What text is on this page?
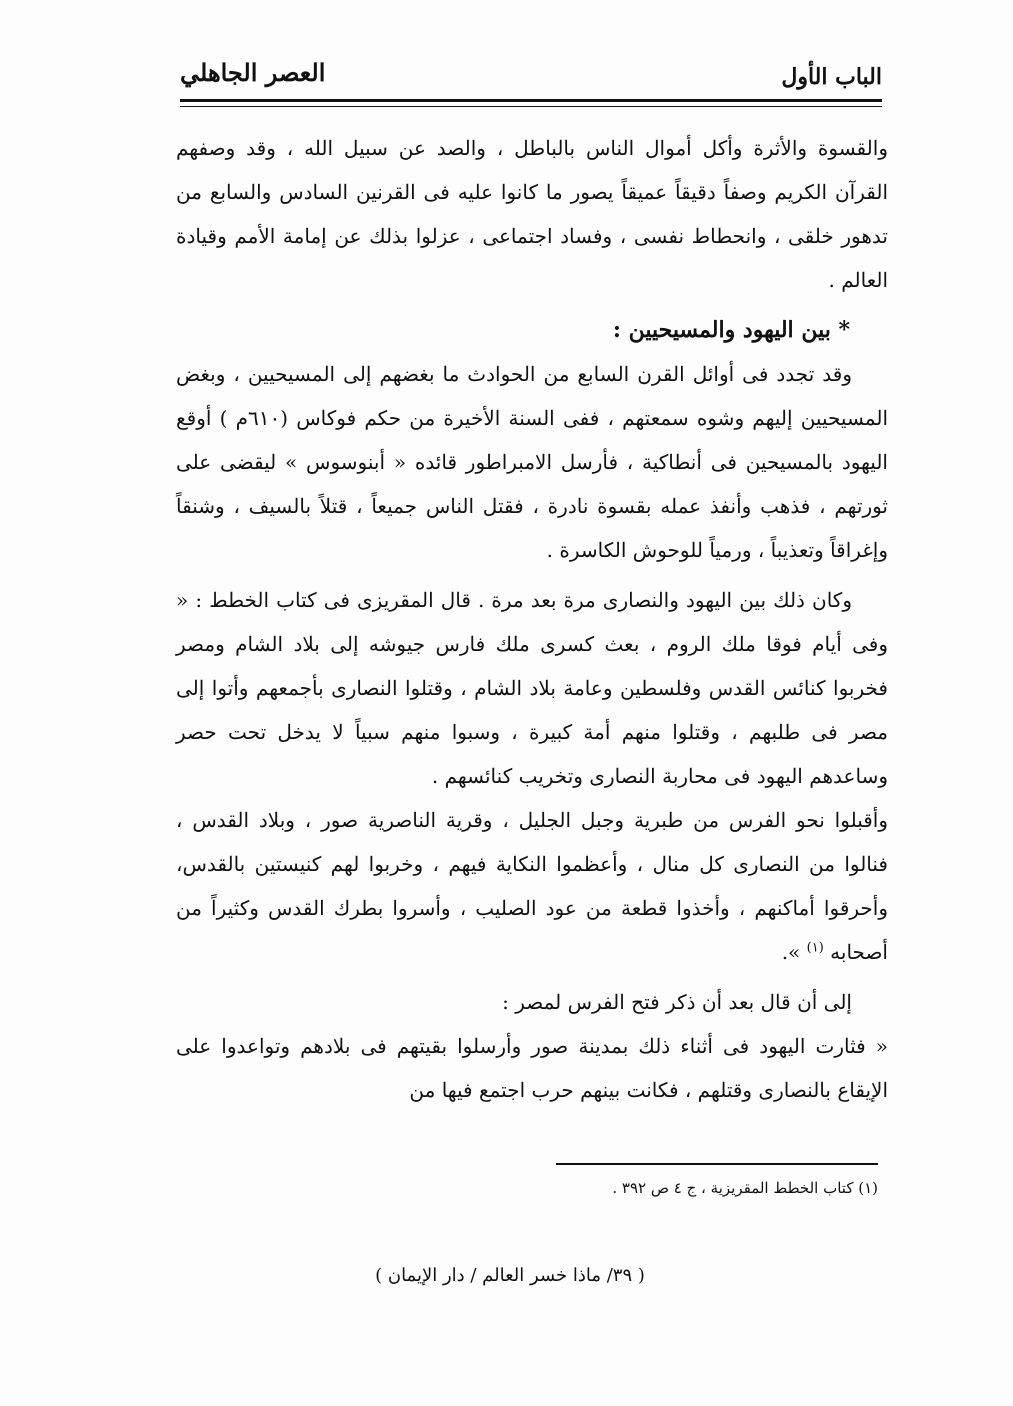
الباب الأول
العصر الجاهلي

والقسوة والأثرة وأكل أموال الناس بالباطل ، والصد عن سبيل الله ، وقد وصفهم القرآن الكريم وصفاً دقيقاً عميقاً يصور ما كانوا عليه فى القرنين السادس والسابع من تدهور خلقى ، وانحطاط نفسى ، وفساد اجتماعى ، عزلوا بذلك عن إمامة الأمم وقيادة العالم .

* بين اليهود والمسيحيين :

وقد تجدد فى أوائل القرن السابع من الحوادث ما بغضهم إلى المسيحيين ، وبغض المسيحيين إليهم وشوه سمعتهم ، ففى السنة الأخيرة من حكم فوكاس (٦١٠م ) أوقع اليهود بالمسيحين فى أنطاكية ، فأرسل الامبراطور قائده « أبنوسوس » ليقضى على ثورتهم ، فذهب وأنفذ عمله بقسوة نادرة ، فقتل الناس جميعاً ، قتلاً بالسيف ، وشنقاً وإغراقاً وتعذيباً ، ورمياً للوحوش الكاسرة .

وكان ذلك بين اليهود والنصارى مرة بعد مرة . قال المقريزى فى كتاب الخطط : « وفى أيام فوقا ملك الروم ، بعث كسرى ملك فارس جيوشه إلى بلاد الشام ومصر فخربوا كنائس القدس وفلسطين وعامة بلاد الشام ، وقتلوا النصارى بأجمعهم وأتوا إلى مصر فى طلبهم ، وقتلوا منهم أمة كبيرة ، وسبوا منهم سبياً لا يدخل تحت حصر وساعدهم اليهود فى محاربة النصارى وتخريب كنائسهم .

وأقبلوا نحو الفرس من طبرية وجبل الجليل ، وقرية الناصرية صور ، وبلاد القدس ، فنالوا من النصارى كل منال ، وأعظموا النكاية فيهم ، وخربوا لهم كنيستين بالقدس، وأحرقوا أماكنهم ، وأخذوا قطعة من عود الصليب ، وأسروا بطرك القدس وكثيراً من أصحابه $^{(١)}$ ».

إلى أن قال بعد أن ذكر فتح الفرس لمصر :

« فثارت اليهود فى أثناء ذلك بمدينة صور وأرسلوا بقيتهم فى بلادهم وتواعدوا على الإيقاع بالنصارى وقتلهم ، فكانت بينهم حرب اجتمع فيها من

(١) كتاب الخطط المقريزية ، ج ٤ ص ٣٩٢ .
( ٣٩/ ماذا خسر العالم / دار الإيمان )
